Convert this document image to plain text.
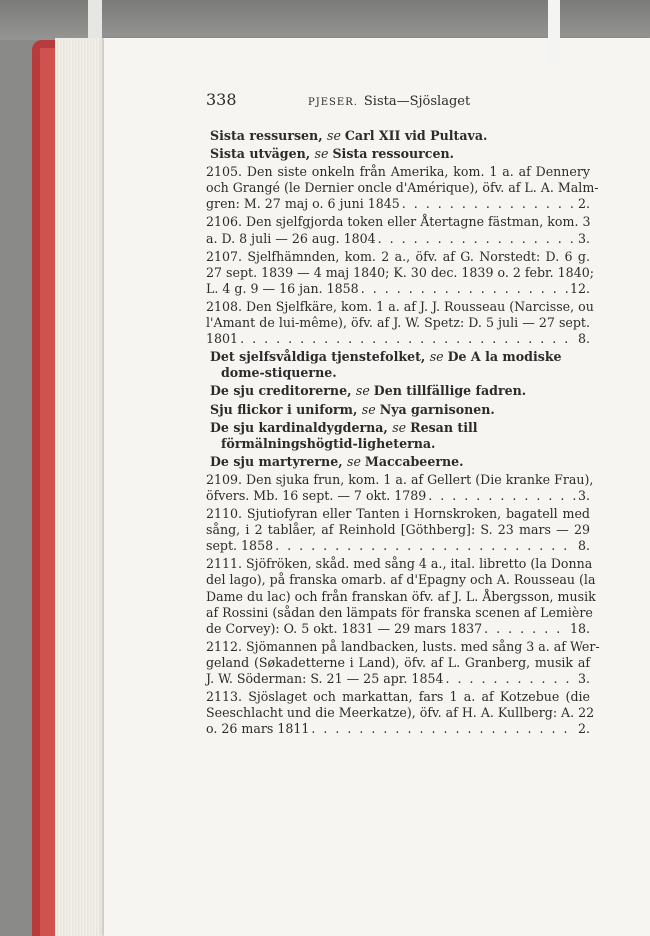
338	PJESER. Sista—Sjöslaget
Sista ressursen, se Carl XII vid Pultava.
Sista utvägen, se Sista ressourcen.
2105. Den siste onkeln från Amerika, kom. 1 a. af Dennery
och Grangé (le Dernier oncle d'Amérique), öfv. af L. A. Malm-
gren: M. 27 maj o. 6 juni 1845 . . .	2.
2106. Den sjelfgjorda token eller Återtagne fästman, kom. 3
a. D. 8 juli — 26 aug. 1804 . . .	3.
2107. Sjelfhämnden, kom. 2 a., öfv. af G. Norstedt: D. 6 g.
27 sept. 1839 — 4 maj 1840; K. 30 dec. 1839 o. 2 febr. 1840;
L. 4 g. 9 — 16 jan. 1858 . . .	12.
2108. Den Sjelfkäre, kom. 1 a. af J. J. Rousseau (Narcisse, ou
l'Amant de lui-même), öfv. af J. W. Spetz: D. 5 juli — 27 sept.
1801 . . .	8.
Det sjelfsvåldiga tjenstefolket, se De A la modiske dome-stiquerne.
De sju creditorerne, se Den tillfällige fadren.
Sju flickor i uniform, se Nya garnisonen.
De sju kardinaldygderna, se Resan till förmälningshögtid-ligheterna.
De sju martyrerne, se Maccabeerne.
2109. Den sjuka frun, kom. 1 a. af Gellert (Die kranke Frau),
öfvers. Mb. 16 sept. — 7 okt. 1789 . . .	3.
2110. Sjutiofyran eller Tanten i Hornskroken, bagatell med
sång, i 2 tablåer, af Reinhold [Göthberg]: S. 23 mars — 29
sept. 1858 . . .	8.
2111. Sjöfröken, skåd. med sång 4 a., ital. libretto (la Donna
del lago), på franska omarb. af d'Epagny och A. Rousseau (la
Dame du lac) och från franskan öfv. af J. L. Åbergsson, musik
af Rossini (sådan den lämpats för franska scenen af Lemière
de Corvey): O. 5 okt. 1831 — 29 mars 1837 . . .	18.
2112. Sjömannen på landbacken, lusts. med sång 3 a. af Wer-
geland (Søkadetterne i Land), öfv. af L. Granberg, musik af
J. W. Söderman: S. 21 — 25 apr. 1854 . . .	3.
2113. Sjöslaget och markattan, fars 1 a. af Kotzebue (die
Seeschlacht und die Meerkatze), öfv. af H. A. Kullberg: A. 22
o. 26 mars 1811 . . .	2.
